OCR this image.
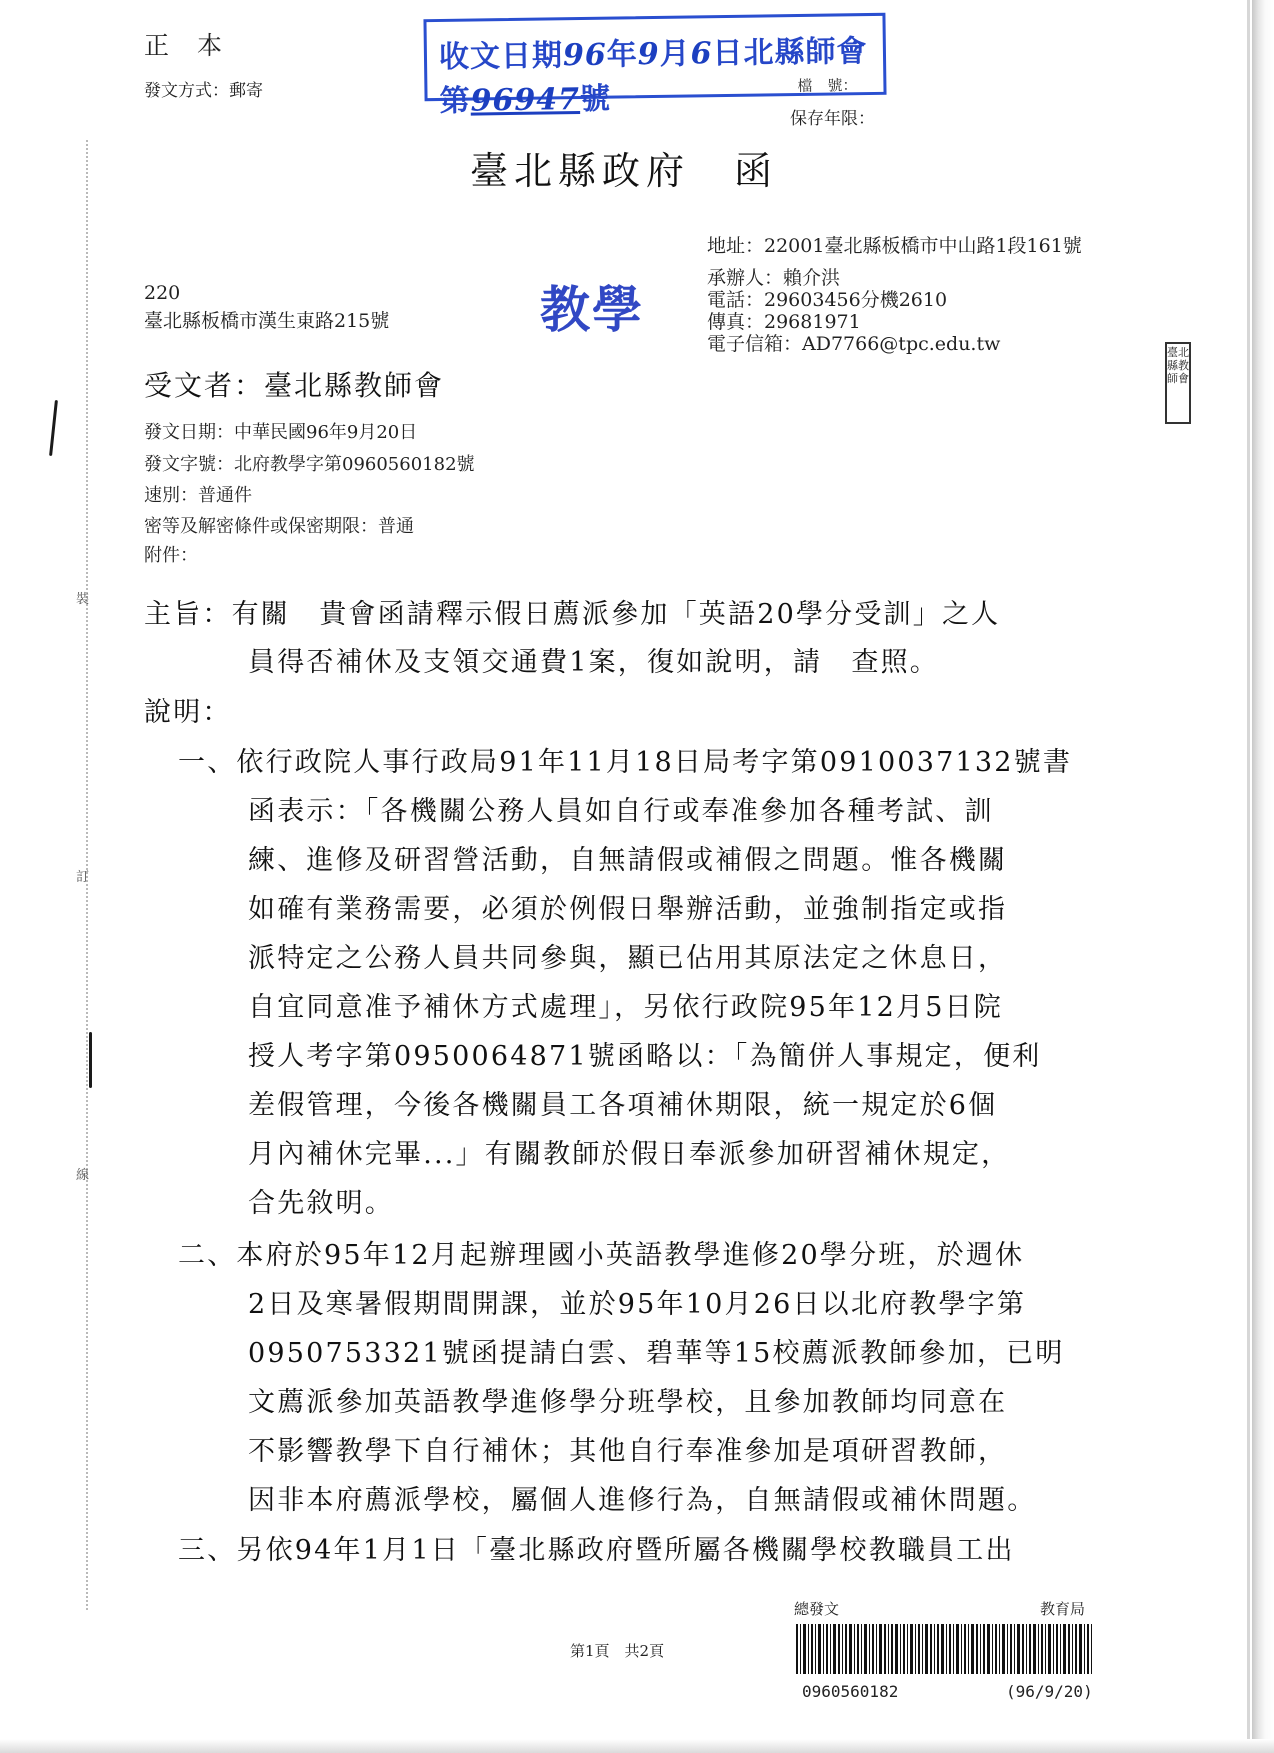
正 本
發文方式：郵寄
收文日期96年9月6日北縣師會第96947號	檔　號：
保存年限：
臺北縣政府　函
地址：22001臺北縣板橋市中山路1段161號
承辦人：賴介洪
電話：29603456分機2610
傳真：29681971
電子信箱：AD7766@tpc.edu.tw
220
臺北縣板橋市漢生東路215號	教學
臺北縣教師會
受文者：臺北縣教師會
發文日期：中華民國96年9月20日
發文字號：北府教學字第0960560182號
速別：普通件
密等及解密條件或保密期限：普通
附件：
裝
訂
線
主旨：有關　貴會函請釋示假日薦派參加「英語20學分受訓」之人
員得否補休及支領交通費1案，復如說明，請　查照。
說明：
一、依行政院人事行政局91年11月18日局考字第0910037132號書
函表示：「各機關公務人員如自行或奉准參加各種考試、訓
練、進修及研習營活動，自無請假或補假之問題。惟各機關
如確有業務需要，必須於例假日舉辦活動，並強制指定或指
派特定之公務人員共同參與，顯已佔用其原法定之休息日，
自宜同意准予補休方式處理」，另依行政院95年12月5日院
授人考字第0950064871號函略以：「為簡併人事規定，便利
差假管理，今後各機關員工各項補休期限，統一規定於6個
月內補休完畢...」有關教師於假日奉派參加研習補休規定，
合先敘明。
二、本府於95年12月起辦理國小英語教學進修20學分班，於週休
2日及寒暑假期間開課，並於95年10月26日以北府教學字第
0950753321號函提請白雲、碧華等15校薦派教師參加，已明
文薦派參加英語教學進修學分班學校，且參加教師均同意在
不影響教學下自行補休；其他自行奉准參加是項研習教師，
因非本府薦派學校，屬個人進修行為，自無請假或補休問題。
三、另依94年1月1日「臺北縣政府暨所屬各機關學校教職員工出
第1頁　共2頁
總發文	教育局
0960560182	(96/9/20)
